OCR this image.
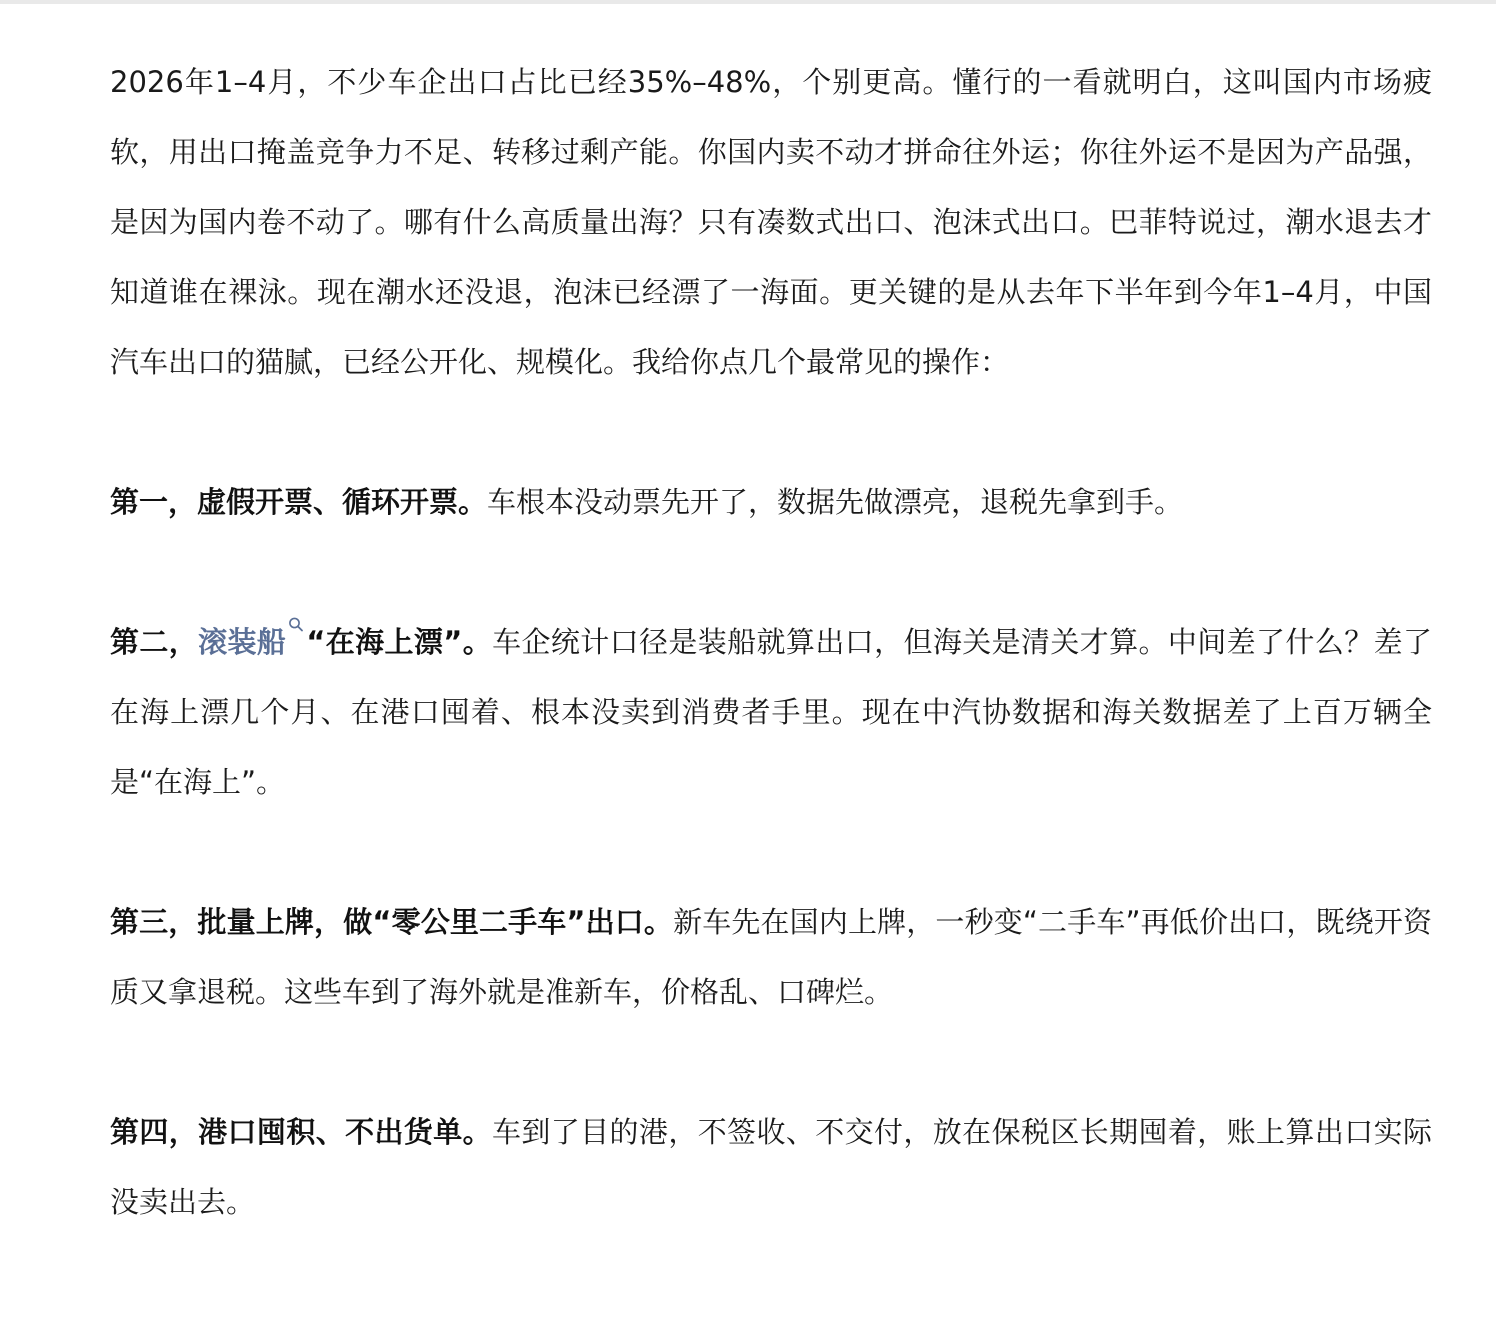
2026年1–4月，不少车企出口占比已经35%–48%，个别更高。懂行的一看就明白，这叫国内市场疲软，用出口掩盖竞争力不足、转移过剩产能。你国内卖不动才拼命往外运；你往外运不是因为产品强，是因为国内卷不动了。哪有什么高质量出海？只有凑数式出口、泡沫式出口。巴菲特说过，潮水退去才知道谁在裸泳。现在潮水还没退，泡沫已经漂了一海面。更关键的是从去年下半年到今年1–4月，中国汽车出口的猫腻，已经公开化、规模化。我给你点几个最常见的操作：

第一，虚假开票、循环开票。车根本没动票先开了，数据先做漂亮，退税先拿到手。

第二，滚装船 “在海上漂”。车企统计口径是装船就算出口，但海关是清关才算。中间差了什么？差了在海上漂几个月、在港口囤着、根本没卖到消费者手里。现在中汽协数据和海关数据差了上百万辆全是“在海上”。

第三，批量上牌，做“零公里二手车”出口。新车先在国内上牌，一秒变“二手车”再低价出口，既绕开资质又拿退税。这些车到了海外就是准新车，价格乱、口碑烂。

第四，港口囤积、不出货单。车到了目的港，不签收、不交付，放在保税区长期囤着，账上算出口实际没卖出去。
